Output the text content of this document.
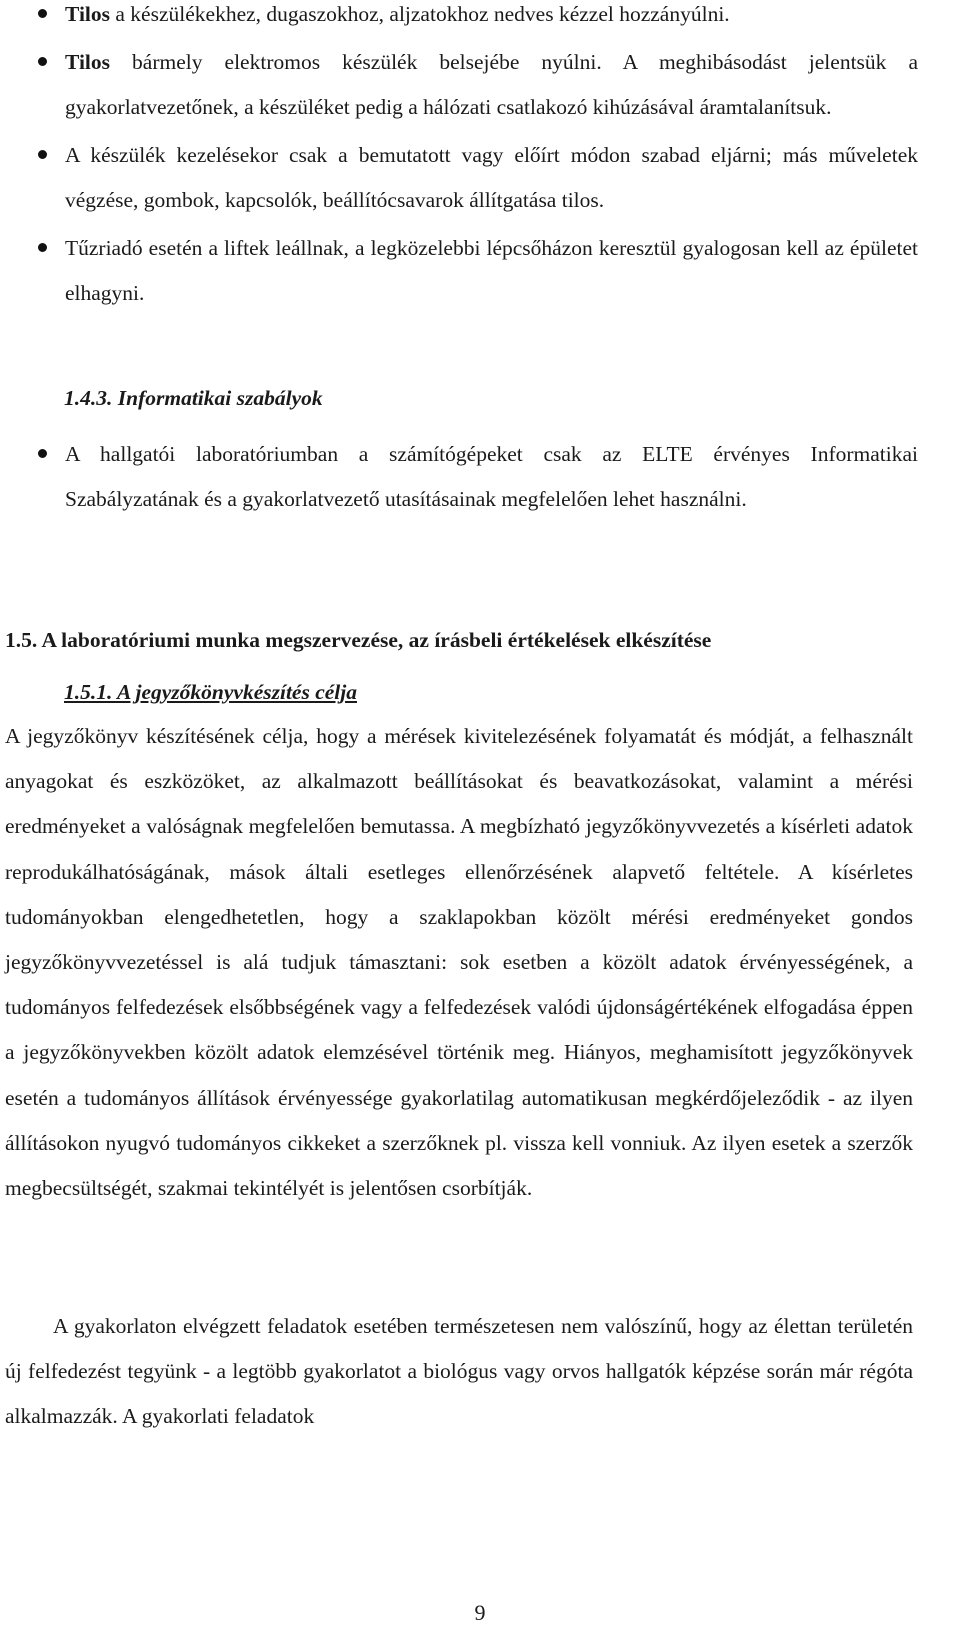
Tilos a készülékekhez, dugaszokhoz, aljzatokhoz nedves kézzel hozzányúlni.
Tilos bármely elektromos készülék belsejébe nyúlni. A meghibásodást jelentsük a gyakorlatvezetőnek, a készüléket pedig a hálózati csatlakozó kihúzásával áramtalanítsuk.
A készülék kezelésekor csak a bemutatott vagy előírt módon szabad eljárni; más műveletek végzése, gombok, kapcsolók, beállítócsavarok állítgatása tilos.
Tűzriadó esetén a liftek leállnak, a legközelebbi lépcsőházon keresztül gyalogosan kell az épületet elhagyni.
1.4.3. Informatikai szabályok
A hallgatói laboratóriumban a számítógépeket csak az ELTE érvényes Informatikai Szabályzatának és a gyakorlatvezető utasításainak megfelelően lehet használni.
1.5. A laboratóriumi munka megszervezése, az írásbeli értékelések elkészítése
1.5.1. A jegyzőkönyvkészítés célja

A jegyzőkönyv készítésének célja, hogy a mérések kivitelezésének folyamatát és módját, a felhasznált anyagokat és eszközöket, az alkalmazott beállításokat és beavatkozásokat, valamint a mérési eredményeket a valóságnak megfelelően bemutassa. A megbízható jegyzőkönyvvezetés a kísérleti adatok reprodukálhatóságának, mások általi esetleges ellenőrzésének alapvető feltétele. A kísérletes tudományokban elengedhetetlen, hogy a szaklapokban közölt mérési eredményeket gondos jegyzőkönyvvezetéssel is alá tudjuk támasztani: sok esetben a közölt adatok érvényességének, a tudományos felfedezések elsőbbségének vagy a felfedezések valódi újdonságértékének elfogadása éppen a jegyzőkönyvekben közölt adatok elemzésével történik meg. Hiányos, meghamisított jegyzőkönyvek esetén a tudományos állítások érvényessége gyakorlatilag automatikusan megkérdőjeleződik - az ilyen állításokon nyugvó tudományos cikkeket a szerzőknek pl. vissza kell vonniuk. Az ilyen esetek a szerzők megbecsültségét, szakmai tekintélyét is jelentősen csorbítják.

A gyakorlaton elvégzett feladatok esetében természetesen nem valószínű, hogy az élettan területén új felfedezést tegyünk - a legtöbb gyakorlatot a biológus vagy orvos hallgatók képzése során már régóta alkalmazzák. A gyakorlati feladatok

9
